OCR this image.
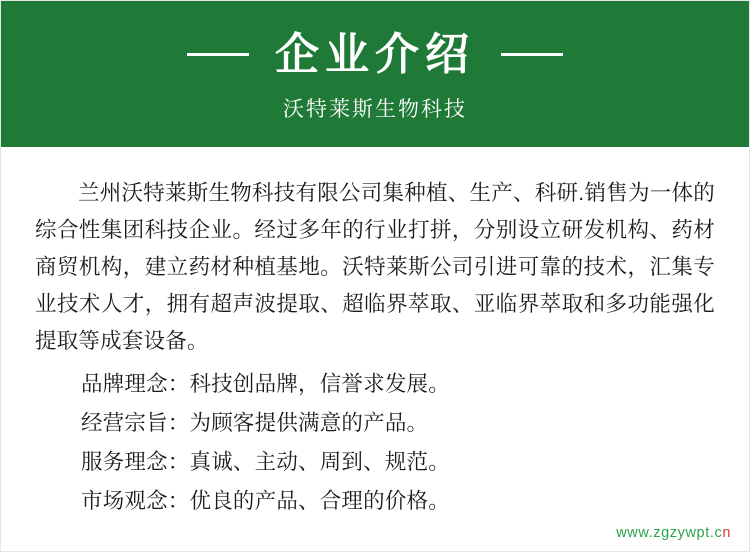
企业介绍
沃特莱斯生物科技

兰州沃特莱斯生物科技有限公司集种植、生产、科研.销售为一体的综合性集团科技企业。经过多年的行业打拼，分别设立研发机构、药材商贸机构，建立药材种植基地。沃特莱斯公司引进可靠的技术，汇集专业技术人才，拥有超声波提取、超临界萃取、亚临界萃取和多功能强化提取等成套设备。

品牌理念：科技创品牌，信誉求发展。
经营宗旨：为顾客提供满意的产品。
服务理念：真诚、主动、周到、规范。
市场观念：优良的产品、合理的价格。
www.zgzywpt.cn
